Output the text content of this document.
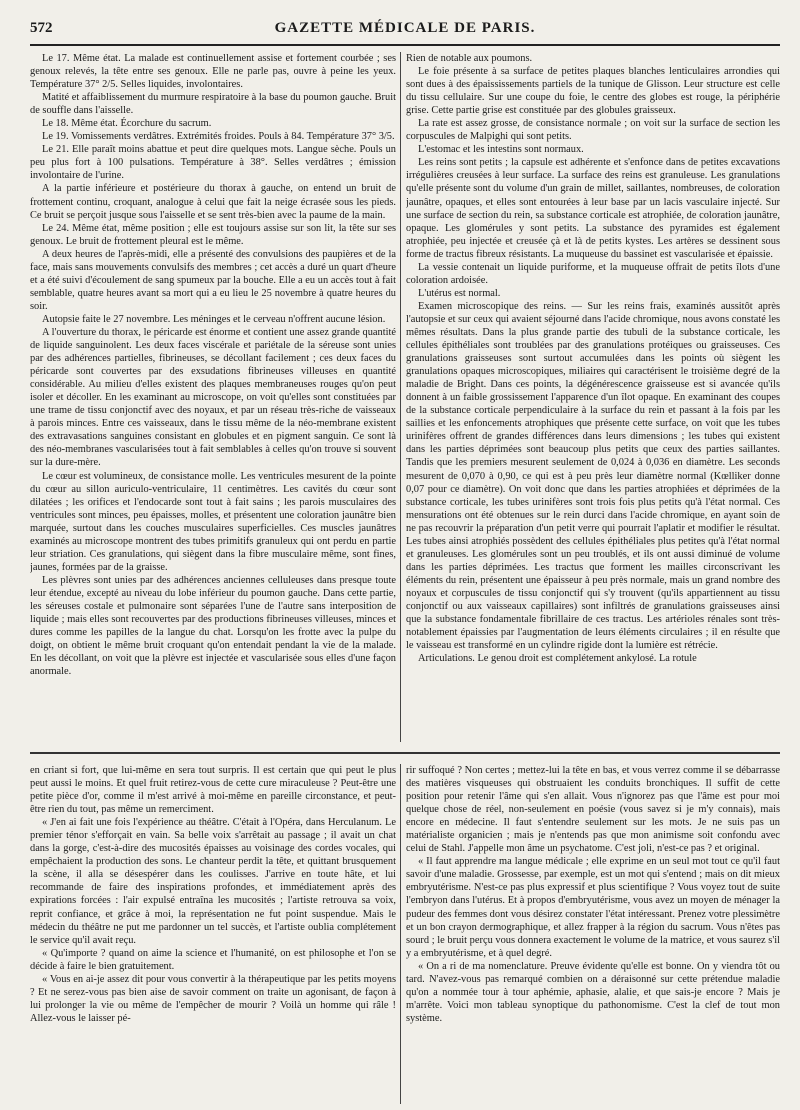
572	GAZETTE MÉDICALE DE PARIS.

Le 17. Même état. La malade est continuellement assise et fortement courbée ; ses genoux relevés, la tête entre ses genoux. Elle ne parle pas, ouvre à peine les yeux. Température 37° 2/5. Selles liquides, involontaires.

Matité et affaiblissement du murmure respiratoire à la base du poumon gauche. Bruit de souffle dans l'aisselle.

Le 18. Même état. Écorchure du sacrum.

Le 19. Vomissements verdâtres. Extrémités froides. Pouls à 84. Température 37° 3/5.

Le 21. Elle paraît moins abattue et peut dire quelques mots. Langue sèche. Pouls un peu plus fort à 100 pulsations. Température à 38°. Selles verdâtres ; émission involontaire de l'urine.

A la partie inférieure et postérieure du thorax à gauche, on entend un bruit de frottement continu, croquant, analogue à celui que fait la neige écrasée sous les pieds. Ce bruit se perçoit jusque sous l'aisselle et se sent très-bien avec la paume de la main.

Le 24. Même état, même position ; elle est toujours assise sur son lit, la tête sur ses genoux. Le bruit de frottement pleural est le même.

A deux heures de l'après-midi, elle a présenté des convulsions des paupières et de la face, mais sans mouvements convulsifs des membres ; cet accès a duré un quart d'heure et a été suivi d'écoulement de sang spumeux par la bouche. Elle a eu un accès tout à fait semblable, quatre heures avant sa mort qui a eu lieu le 25 novembre à quatre heures du soir.

Autopsie faite le 27 novembre. Les méninges et le cerveau n'offrent aucune lésion.

A l'ouverture du thorax, le péricarde est énorme et contient une assez grande quantité de liquide sanguinolent. Les deux faces viscérale et pariétale de la séreuse sont unies par des adhérences partielles, fibrineuses, se décollant facilement ; ces deux faces du péricarde sont couvertes par des exsudations fibrineuses villeuses en quantité considérable. Au milieu d'elles existent des plaques membraneuses rouges qu'on peut isoler et décoller. En les examinant au microscope, on voit qu'elles sont constituées par une trame de tissu conjonctif avec des noyaux, et par un réseau très-riche de vaisseaux à parois minces. Entre ces vaisseaux, dans le tissu même de la néo-membrane existent des extravasations sanguines consistant en globules et en pigment sanguin. Ce sont là des néo-membranes vascularisées tout à fait semblables à celles qu'on trouve si souvent sur la dure-mère.

Le cœur est volumineux, de consistance molle. Les ventricules mesurent de la pointe du cœur au sillon auriculo-ventriculaire, 11 centimètres. Les cavités du cœur sont dilatées ; les orifices et l'endocarde sont tout à fait sains ; les parois musculaires des ventricules sont minces, peu épaisses, molles, et présentent une coloration jaunâtre bien marquée, surtout dans les couches musculaires superficielles. Ces muscles jaunâtres examinés au microscope montrent des tubes primitifs granuleux qui ont perdu en partie leur striation. Ces granulations, qui siègent dans la fibre musculaire même, sont fines, jaunes, formées par de la graisse.

Les plèvres sont unies par des adhérences anciennes celluleuses dans presque toute leur étendue, excepté au niveau du lobe inférieur du poumon gauche. Dans cette partie, les séreuses costale et pulmonaire sont séparées l'une de l'autre sans interposition de liquide ; mais elles sont recouvertes par des productions fibrineuses villeuses, minces et dures comme les papilles de la langue du chat. Lorsqu'on les frotte avec la pulpe du doigt, on obtient le même bruit croquant qu'on entendait pendant la vie de la malade. En les décollant, on voit que la plèvre est injectée et vascularisée sous elles d'une façon anormale.

Rien de notable aux poumons.

Le foie présente à sa surface de petites plaques blanches lenticulaires arrondies qui sont dues à des épaississements partiels de la tunique de Glisson. Leur structure est celle du tissu cellulaire. Sur une coupe du foie, le centre des globes est rouge, la périphérie grise. Cette partie grise est constituée par des globules graisseux.

La rate est assez grosse, de consistance normale ; on voit sur la surface de section les corpuscules de Malpighi qui sont petits.

L'estomac et les intestins sont normaux.

Les reins sont petits ; la capsule est adhérente et s'enfonce dans de petites excavations irrégulières creusées à leur surface. La surface des reins est granuleuse. Les granulations qu'elle présente sont du volume d'un grain de millet, saillantes, nombreuses, de coloration jaunâtre, opaques, et elles sont entourées à leur base par un lacis vasculaire injecté. Sur une surface de section du rein, sa substance corticale est atrophiée, de coloration jaunâtre, opaque. Les glomérules y sont petits. La substance des pyramides est également atrophiée, peu injectée et creusée çà et là de petits kystes. Les artères se dessinent sous forme de tractus fibreux résistants. La muqueuse du bassinet est vascularisée et épaissie.

La vessie contenait un liquide puriforme, et la muqueuse offrait de petits îlots d'une coloration ardoisée.

L'utérus est normal.

Examen microscopique des reins. — Sur les reins frais, examinés aussitôt après l'autopsie et sur ceux qui avaient séjourné dans l'acide chromique, nous avons constaté les mêmes résultats. Dans la plus grande partie des tubuli de la substance corticale, les cellules épithéliales sont troublées par des granulations protéiques ou graisseuses. Ces granulations graisseuses sont surtout accumulées dans les points où siègent les granulations opaques microscopiques, miliaires qui caractérisent le troisième degré de la maladie de Bright. Dans ces points, la dégénérescence graisseuse est si avancée qu'ils donnent à un faible grossissement l'apparence d'un îlot opaque. En examinant des coupes de la substance corticale perpendiculaire à la surface du rein et passant à la fois par les saillies et les enfoncements atrophiques que présente cette surface, on voit que les tubes urinifères offrent de grandes différences dans leurs dimensions ; les tubes qui existent dans les parties déprimées sont beaucoup plus petits que ceux des parties saillantes. Tandis que les premiers mesurent seulement de 0,024 à 0,036 en diamètre. Les seconds mesurent de 0,070 à 0,90, ce qui est à peu près leur diamètre normal (Kœlliker donne 0,07 pour ce diamètre). On voit donc que dans les parties atrophiées et déprimées de la substance corticale, les tubes urinifères sont trois fois plus petits qu'à l'état normal. Ces mensurations ont été obtenues sur le rein durci dans l'acide chromique, en ayant soin de ne pas recouvrir la préparation d'un petit verre qui pourrait l'aplatir et modifier le résultat. Les tubes ainsi atrophiés possèdent des cellules épithéliales plus petites qu'à l'état normal et granuleuses. Les glomérules sont un peu troublés, et ils ont aussi diminué de volume dans les parties déprimées. Les tractus que forment les mailles circonscrivant les éléments du rein, présentent une épaisseur à peu près normale, mais un grand nombre des noyaux et corpuscules de tissu conjonctif qui s'y trouvent (qu'ils appartiennent au tissu conjonctif ou aux vaisseaux capillaires) sont infiltrés de granulations graisseuses ainsi que la substance fondamentale fibrillaire de ces tractus. Les artérioles rénales sont très-notablement épaissies par l'augmentation de leurs éléments circulaires ; il en résulte que le vaisseau est transformé en un cylindre rigide dont la lumière est rétrécie.

Articulations. Le genou droit est complétement ankylosé. La rotule

en criant si fort, que lui-même en sera tout surpris. Il est certain que qui peut le plus peut aussi le moins. Et quel fruit retirez-vous de cette cure miraculeuse ? Peut-être une petite pièce d'or, comme il m'est arrivé à moi-même en pareille circonstance, et peut-être rien du tout, pas même un remerciment.

« J'en ai fait une fois l'expérience au théâtre. C'était à l'Opéra, dans Herculanum. Le premier ténor s'efforçait en vain. Sa belle voix s'arrêtait au passage ; il avait un chat dans la gorge, c'est-à-dire des mucosités épaisses au voisinage des cordes vocales, qui empêchaient la production des sons. Le chanteur perdit la tête, et quittant brusquement la scène, il alla se désespérer dans les coulisses. J'arrive en toute hâte, et lui recommande de faire des inspirations profondes, et immédiatement après des expirations forcées : l'air expulsé entraîna les mucosités ; l'artiste retrouva sa voix, reprit confiance, et grâce à moi, la représentation ne fut point suspendue. Mais le médecin du théâtre ne put me pardonner un tel succès, et l'artiste oublia complétement le service qu'il avait reçu.

« Qu'importe ? quand on aime la science et l'humanité, on est philosophe et l'on se décide à faire le bien gratuitement.

« Vous en ai-je assez dit pour vous convertir à la thérapeutique par les petits moyens ? Et ne serez-vous pas bien aise de savoir comment on traite un agonisant, de façon à lui prolonger la vie ou même de l'empêcher de mourir ? Voilà un homme qui râle ! Allez-vous le laisser pé-

rir suffoqué ? Non certes ; mettez-lui la tête en bas, et vous verrez comme il se débarrasse des matières visqueuses qui obstruaient les conduits bronchiques. Il suffit de cette position pour retenir l'âme qui s'en allait. Vous n'ignorez pas que l'âme est pour moi quelque chose de réel, non-seulement en poésie (vous savez si je m'y connais), mais encore en médecine. Il faut s'entendre seulement sur les mots. Je ne suis pas un matérialiste organicien ; mais je n'entends pas que mon animisme soit confondu avec celui de Stahl. J'appelle mon âme un psychatome. C'est joli, n'est-ce pas ? et original.

« Il faut apprendre ma langue médicale ; elle exprime en un seul mot tout ce qu'il faut savoir d'une maladie. Grossesse, par exemple, est un mot qui s'entend ; mais on dit mieux embryutérisme. N'est-ce pas plus expressif et plus scientifique ? Vous voyez tout de suite l'embryon dans l'utérus. Et à propos d'embryutérisme, vous avez un moyen de ménager la pudeur des femmes dont vous désirez constater l'état intéressant. Prenez votre plessimètre et un bon crayon dermographique, et allez frapper à la région du sacrum. Vous n'êtes pas sourd ; le bruit perçu vous donnera exactement le volume de la matrice, et vous saurez s'il y a embryutérisme, et à quel degré.

« On a ri de ma nomenclature. Preuve évidente qu'elle est bonne. On y viendra tôt ou tard. N'avez-vous pas remarqué combien on a déraisonné sur cette prétendue maladie qu'on a nommée tour à tour aphémie, aphasie, alalie, et que sais-je encore ? Mais je m'arrête. Voici mon tableau synoptique du pathonomisme. C'est la clef de tout mon système.
